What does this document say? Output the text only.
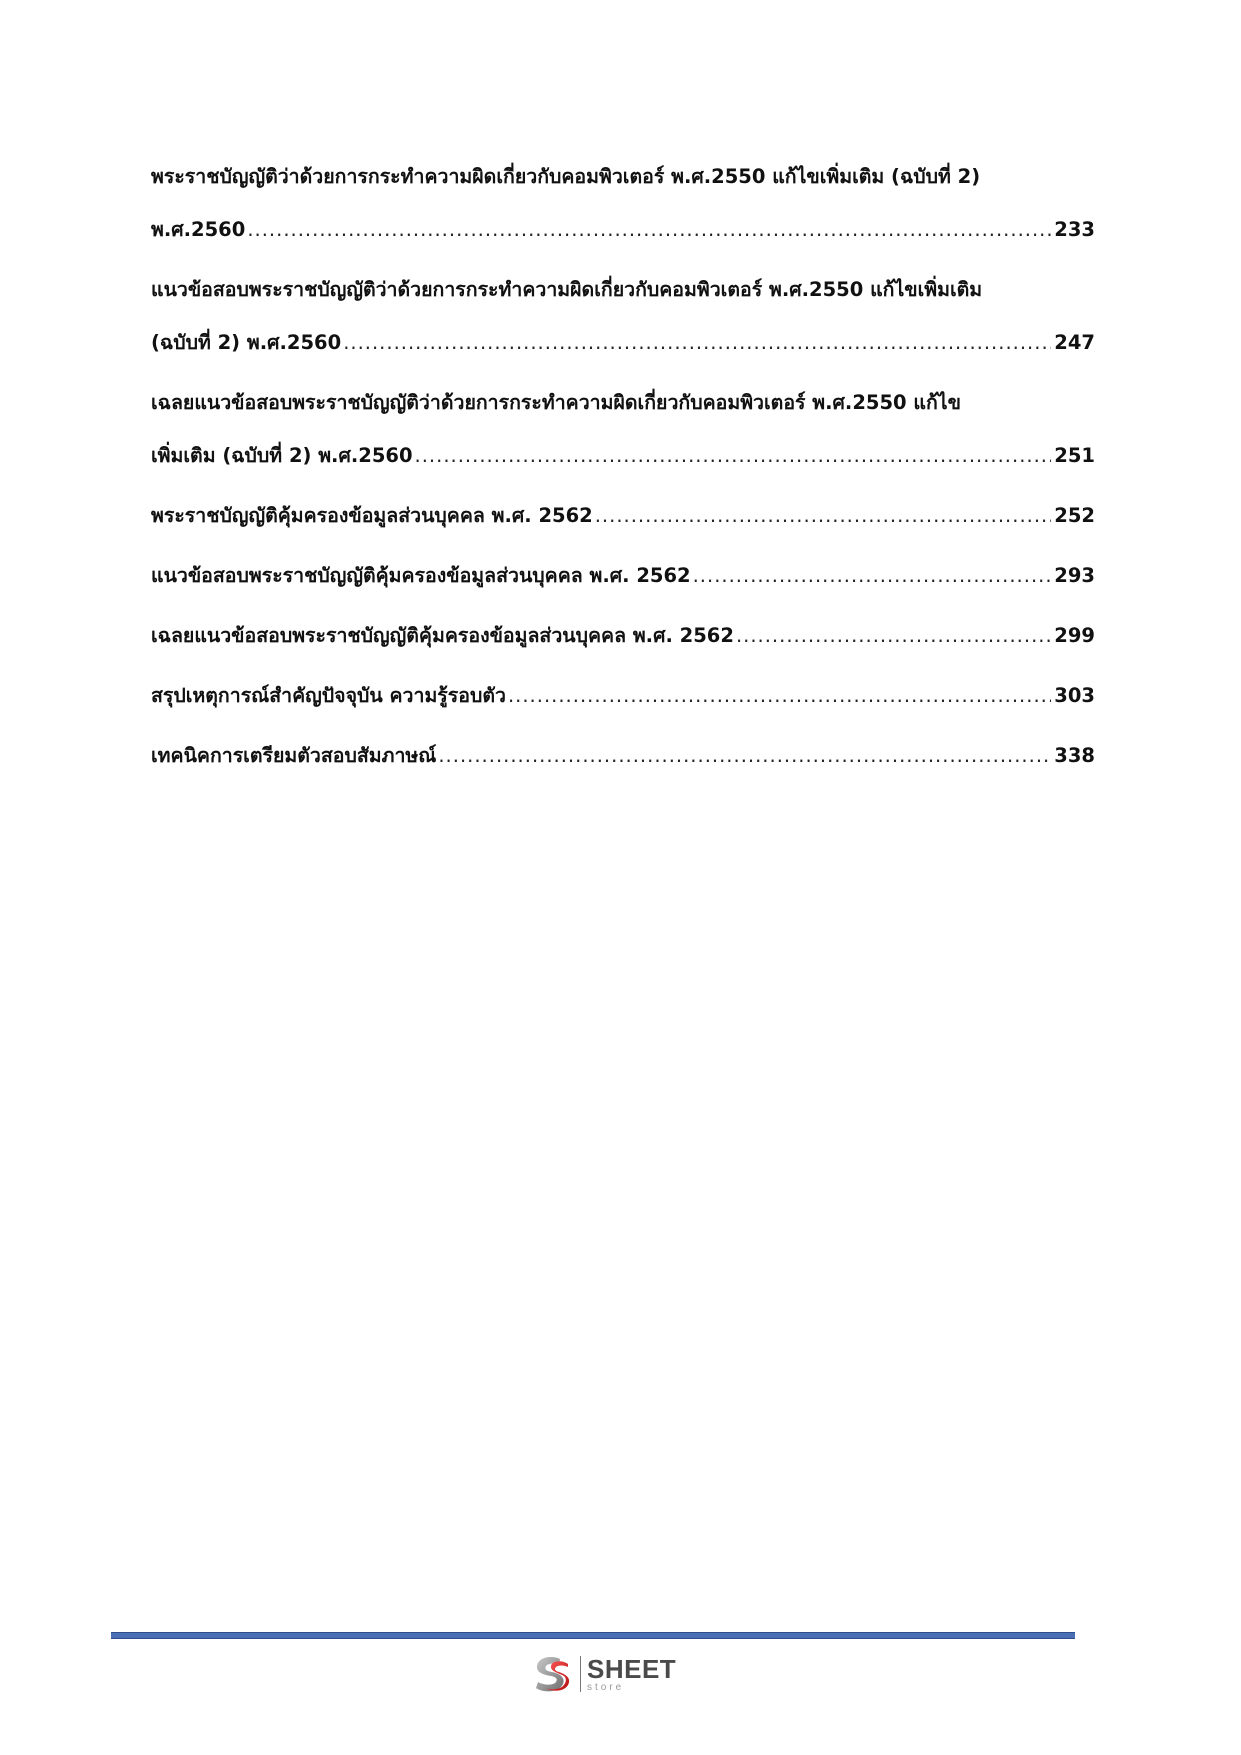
พระราชบัญญัติว่าด้วยการกระทำความผิดเกี่ยวกับคอมพิวเตอร์ พ.ศ.2550 แก้ไขเพิ่มเติม (ฉบับที่ 2)
พ.ศ.2560 .....	233
แนวข้อสอบพระราชบัญญัติว่าด้วยการกระทำความผิดเกี่ยวกับคอมพิวเตอร์ พ.ศ.2550 แก้ไขเพิ่มเติม
(ฉบับที่ 2) พ.ศ.2560 .....	247
เฉลยแนวข้อสอบพระราชบัญญัติว่าด้วยการกระทำความผิดเกี่ยวกับคอมพิวเตอร์ พ.ศ.2550 แก้ไข
เพิ่มเติม (ฉบับที่ 2) พ.ศ.2560 .....	251
พระราชบัญญัติคุ้มครองข้อมูลส่วนบุคคล พ.ศ. 2562 .....	252
แนวข้อสอบพระราชบัญญัติคุ้มครองข้อมูลส่วนบุคคล พ.ศ. 2562 .....	293
เฉลยแนวข้อสอบพระราชบัญญัติคุ้มครองข้อมูลส่วนบุคคล พ.ศ. 2562 .....	299
สรุปเหตุการณ์สำคัญปัจจุบัน ความรู้รอบตัว .....	303
เทคนิคการเตรียมตัวสอบสัมภาษณ์ .....	338
SHEET
store
